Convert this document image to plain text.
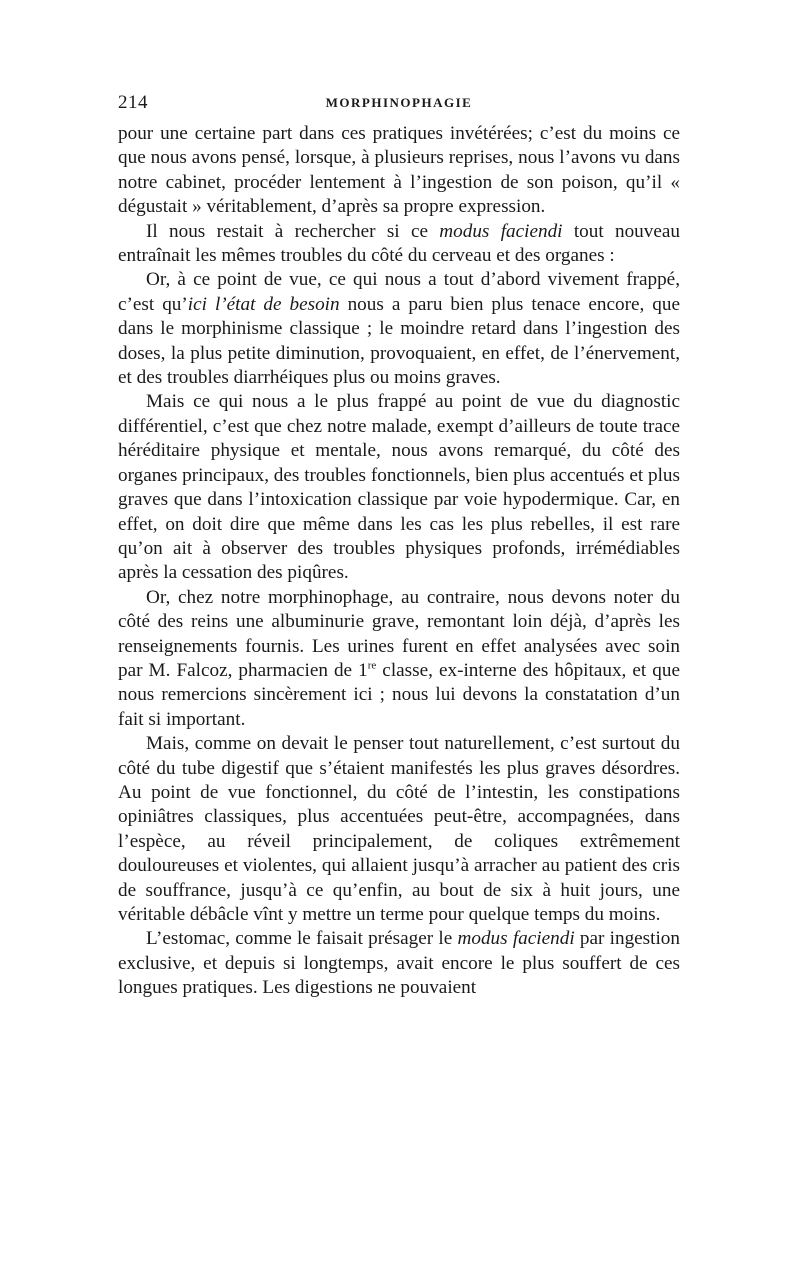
214	MORPHINOPHAGIE

pour une certaine part dans ces pratiques invétérées; c’est du moins ce que nous avons pensé, lorsque, à plusieurs reprises, nous l’avons vu dans notre cabinet, procéder lentement à l’ingestion de son poison, qu’il « dégustait » véritablement, d’après sa propre expression.

Il nous restait à rechercher si ce modus faciendi tout nouveau entraînait les mêmes troubles du côté du cerveau et des organes :

Or, à ce point de vue, ce qui nous a tout d’abord vivement frappé, c’est qu’ici l’état de besoin nous a paru bien plus tenace encore, que dans le morphinisme classique ; le moindre retard dans l’ingestion des doses, la plus petite diminution, provoquaient, en effet, de l’énervement, et des troubles diarrhéiques plus ou moins graves.

Mais ce qui nous a le plus frappé au point de vue du diagnostic différentiel, c’est que chez notre malade, exempt d’ailleurs de toute trace héréditaire physique et mentale, nous avons remarqué, du côté des organes principaux, des troubles fonctionnels, bien plus accentués et plus graves que dans l’intoxication classique par voie hypodermique. Car, en effet, on doit dire que même dans les cas les plus rebelles, il est rare qu’on ait à observer des troubles physiques profonds, irrémédiables après la cessation des piqûres.

Or, chez notre morphinophage, au contraire, nous devons noter du côté des reins une albuminurie grave, remontant loin déjà, d’après les renseignements fournis. Les urines furent en effet analysées avec soin par M. Falcoz, pharmacien de 1re classe, ex-interne des hôpitaux, et que nous remercions sincèrement ici ; nous lui devons la constatation d’un fait si important.

Mais, comme on devait le penser tout naturellement, c’est surtout du côté du tube digestif que s’étaient manifestés les plus graves désordres. Au point de vue fonctionnel, du côté de l’intestin, les constipations opiniâtres classiques, plus accentuées peut-être, accompagnées, dans l’espèce, au réveil principalement, de coliques extrêmement douloureuses et violentes, qui allaient jusqu’à arracher au patient des cris de souffrance, jusqu’à ce qu’enfin, au bout de six à huit jours, une véritable débâcle vînt y mettre un terme pour quelque temps du moins.

L’estomac, comme le faisait présager le modus faciendi par ingestion exclusive, et depuis si longtemps, avait encore le plus souffert de ces longues pratiques. Les digestions ne pouvaient
